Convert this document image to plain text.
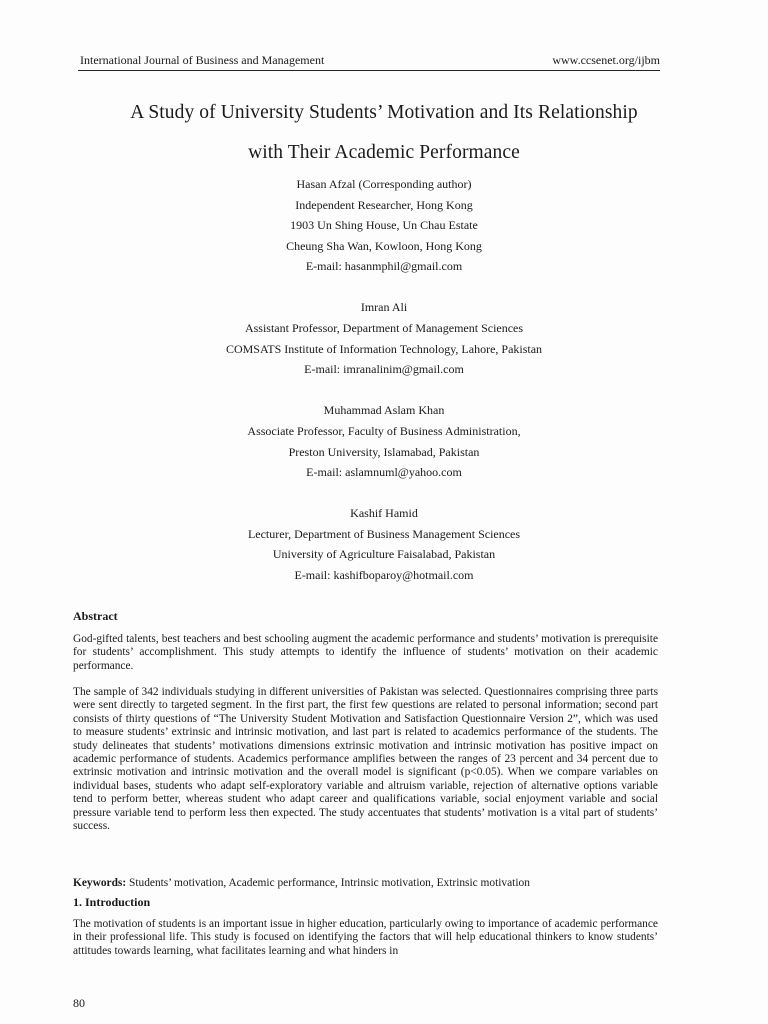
International Journal of Business and Management	www.ccsenet.org/ijbm
A Study of University Students’ Motivation and Its Relationship
with Their Academic Performance
Hasan Afzal (Corresponding author)
Independent Researcher, Hong Kong
1903 Un Shing House, Un Chau Estate
Cheung Sha Wan, Kowloon, Hong Kong
E-mail: hasanmphil@gmail.com
Imran Ali
Assistant Professor, Department of Management Sciences
COMSATS Institute of Information Technology, Lahore, Pakistan
E-mail: imranalinim@gmail.com
Muhammad Aslam Khan
Associate Professor, Faculty of Business Administration,
Preston University, Islamabad, Pakistan
E-mail: aslamnuml@yahoo.com
Kashif Hamid
Lecturer, Department of Business Management Sciences
University of Agriculture Faisalabad, Pakistan
E-mail: kashifboparoy@hotmail.com
Abstract

God-gifted talents, best teachers and best schooling augment the academic performance and students’ motivation is prerequisite for students’ accomplishment. This study attempts to identify the influence of students’ motivation on their academic performance.

The sample of 342 individuals studying in different universities of Pakistan was selected. Questionnaires comprising three parts were sent directly to targeted segment. In the first part, the first few questions are related to personal information; second part consists of thirty questions of “The University Student Motivation and Satisfaction Questionnaire Version 2”, which was used to measure students’ extrinsic and intrinsic motivation, and last part is related to academics performance of the students. The study delineates that students’ motivations dimensions extrinsic motivation and intrinsic motivation has positive impact on academic performance of students. Academics performance amplifies between the ranges of 23 percent and 34 percent due to extrinsic motivation and intrinsic motivation and the overall model is significant (p<0.05). When we compare variables on individual bases, students who adapt self-exploratory variable and altruism variable, rejection of alternative options variable tend to perform better, whereas student who adapt career and qualifications variable, social enjoyment variable and social pressure variable tend to perform less then expected. The study accentuates that students’ motivation is a vital part of students’ success.

Keywords: Students’ motivation, Academic performance, Intrinsic motivation, Extrinsic motivation
1. Introduction

The motivation of students is an important issue in higher education, particularly owing to importance of academic performance in their professional life. This study is focused on identifying the factors that will help educational thinkers to know students’ attitudes towards learning, what facilitates learning and what hinders in

80
